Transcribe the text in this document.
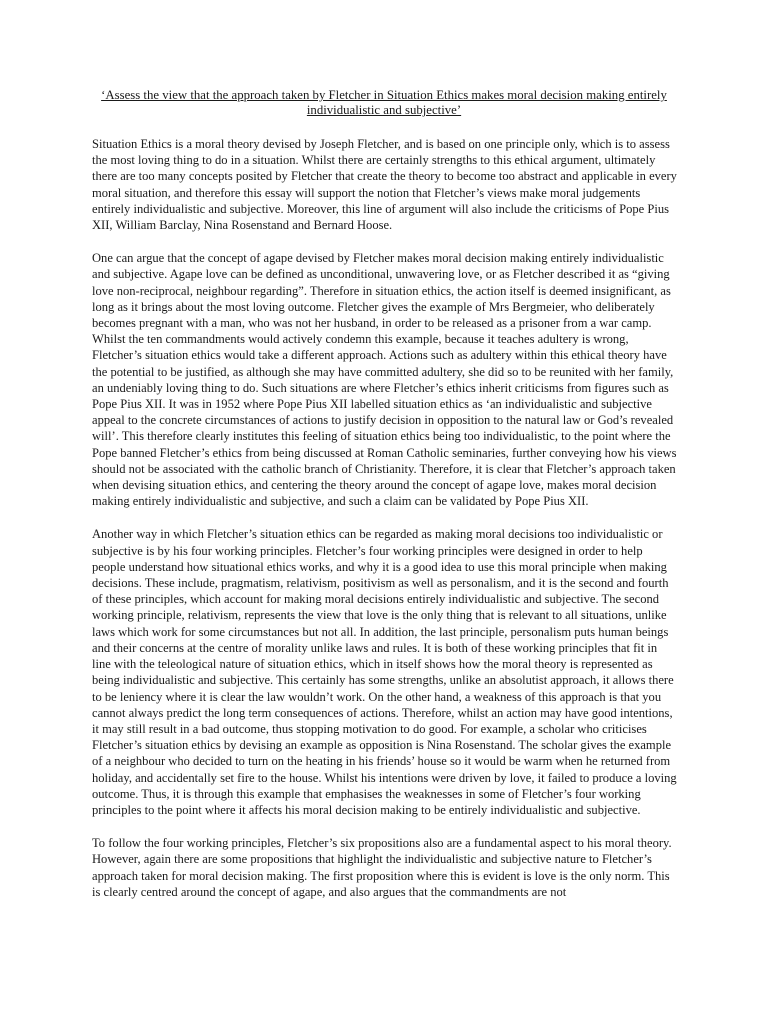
‘Assess the view that the approach taken by Fletcher in Situation Ethics makes moral decision making entirely individualistic and subjective’

Situation Ethics is a moral theory devised by Joseph Fletcher, and is based on one principle only, which is to assess the most loving thing to do in a situation. Whilst there are certainly strengths to this ethical argument, ultimately there are too many concepts posited by Fletcher that create the theory to become too abstract and applicable in every moral situation, and therefore this essay will support the notion that Fletcher’s views make moral judgements entirely individualistic and subjective. Moreover, this line of argument will also include the criticisms of Pope Pius XII, William Barclay, Nina Rosenstand and Bernard Hoose.

One can argue that the concept of agape devised by Fletcher makes moral decision making entirely individualistic and subjective. Agape love can be defined as unconditional, unwavering love, or as Fletcher described it as “giving love non-reciprocal, neighbour regarding”. Therefore in situation ethics, the action itself is deemed insignificant, as long as it brings about the most loving outcome. Fletcher gives the example of Mrs Bergmeier, who deliberately becomes pregnant with a man, who was not her husband, in order to be released as a prisoner from a war camp. Whilst the ten commandments would actively condemn this example, because it teaches adultery is wrong, Fletcher’s situation ethics would take a different approach. Actions such as adultery within this ethical theory have the potential to be justified, as although she may have committed adultery, she did so to be reunited with her family, an undeniably loving thing to do. Such situations are where Fletcher’s ethics inherit criticisms from figures such as Pope Pius XII. It was in 1952 where Pope Pius XII labelled situation ethics as ‘an individualistic and subjective appeal to the concrete circumstances of actions to justify decision in opposition to the natural law or God’s revealed will’. This therefore clearly institutes this feeling of situation ethics being too individualistic, to the point where the Pope banned Fletcher’s ethics from being discussed at Roman Catholic seminaries, further conveying how his views should not be associated with the catholic branch of Christianity. Therefore, it is clear that Fletcher’s approach taken when devising situation ethics, and centering the theory around the concept of agape love, makes moral decision making entirely individualistic and subjective, and such a claim can be validated by Pope Pius XII.

Another way in which Fletcher’s situation ethics can be regarded as making moral decisions too individualistic or subjective is by his four working principles. Fletcher’s four working principles were designed in order to help people understand how situational ethics works, and why it is a good idea to use this moral principle when making decisions. These include, pragmatism, relativism, positivism as well as personalism, and it is the second and fourth of these principles, which account for making moral decisions entirely individualistic and subjective. The second working principle, relativism, represents the view that love is the only thing that is relevant to all situations, unlike laws which work for some circumstances but not all. In addition, the last principle, personalism puts human beings and their concerns at the centre of morality unlike laws and rules. It is both of these working principles that fit in line with the teleological nature of situation ethics, which in itself shows how the moral theory is represented as being individualistic and subjective. This certainly has some strengths, unlike an absolutist approach, it allows there to be leniency where it is clear the law wouldn’t work. On the other hand, a weakness of this approach is that you cannot always predict the long term consequences of actions. Therefore, whilst an action may have good intentions, it may still result in a bad outcome, thus stopping motivation to do good. For example, a scholar who criticises Fletcher’s situation ethics by devising an example as opposition is Nina Rosenstand. The scholar gives the example of a neighbour who decided to turn on the heating in his friends’ house so it would be warm when he returned from holiday, and accidentally set fire to the house. Whilst his intentions were driven by love, it failed to produce a loving outcome. Thus, it is through this example that emphasises the weaknesses in some of Fletcher’s four working principles to the point where it affects his moral decision making to be entirely individualistic and subjective.

To follow the four working principles, Fletcher’s six propositions also are a fundamental aspect to his moral theory. However, again there are some propositions that highlight the individualistic and subjective nature to Fletcher’s approach taken for moral decision making. The first proposition where this is evident is love is the only norm. This is clearly centred around the concept of agape, and also argues that the commandments are not
